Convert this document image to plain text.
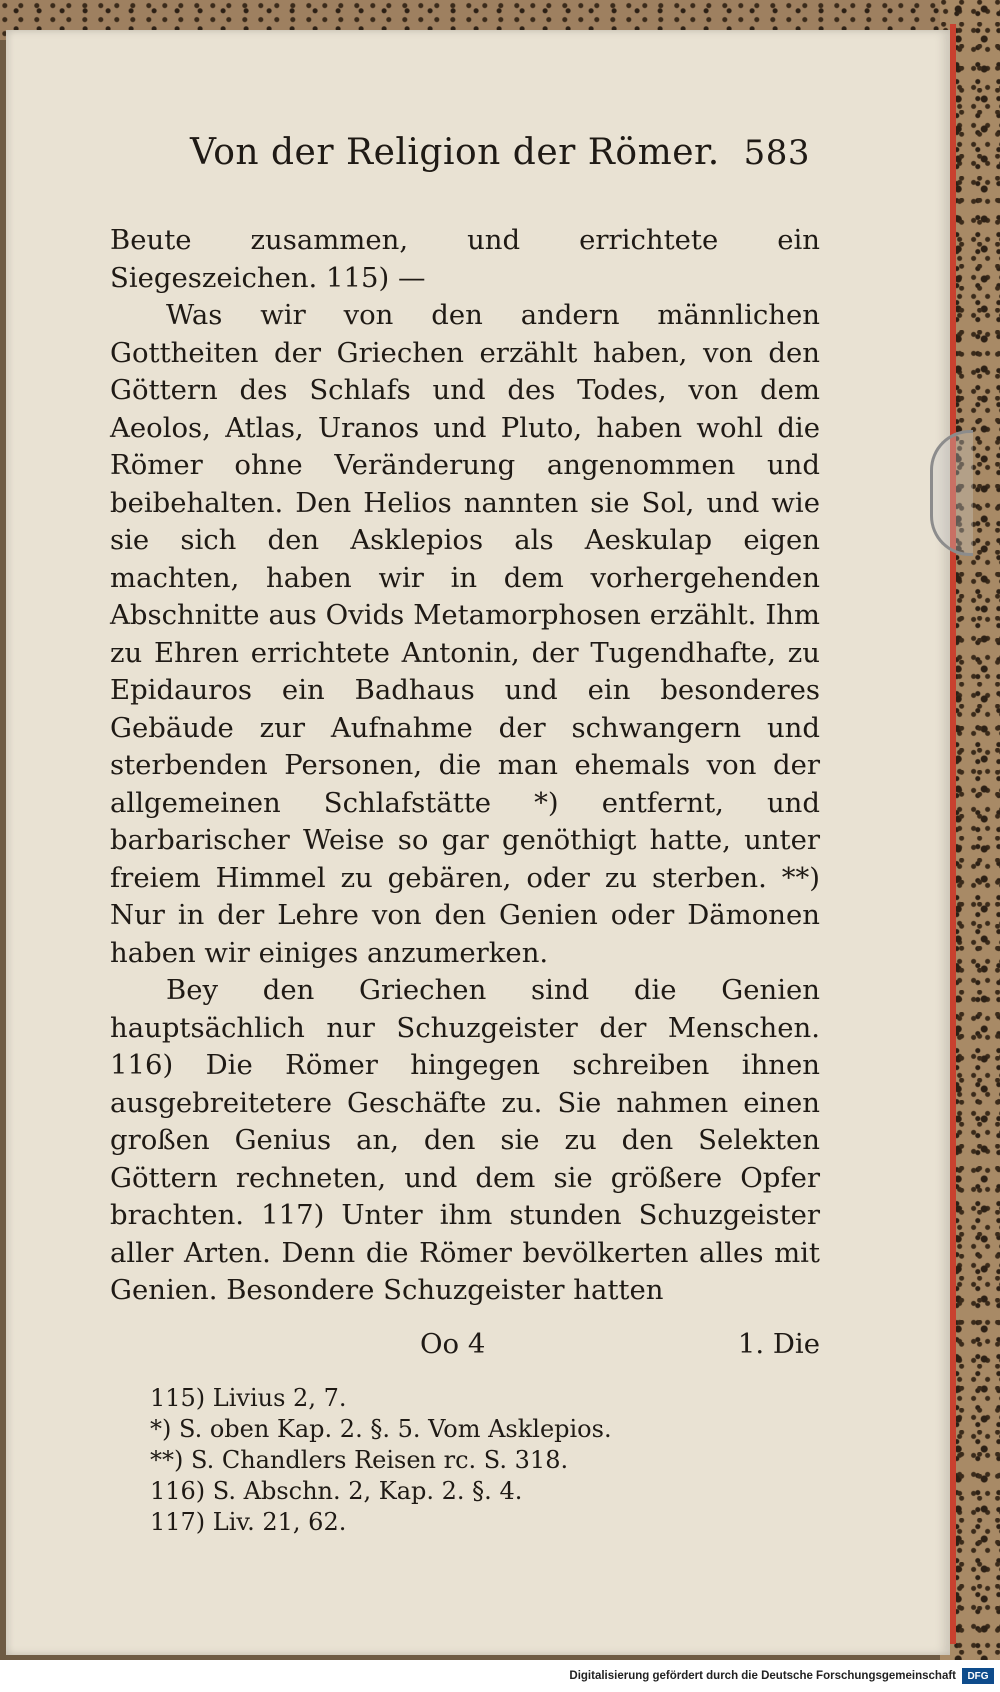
Von der Religion der Römer. 583

Beute zusammen, und errichtete ein Siegeszeichen. 115) —

Was wir von den andern männlichen Gottheiten der Griechen erzählt haben, von den Göttern des Schlafs und des Todes, von dem Aeolos, Atlas, Uranos und Pluto, haben wohl die Römer ohne Veränderung angenommen und beibehalten. Den Helios nannten sie Sol, und wie sie sich den Asklepios als Aeskulap eigen machten, haben wir in dem vorhergehenden Abschnitte aus Ovids Metamorphosen erzählt. Ihm zu Ehren errichtete Antonin, der Tugendhafte, zu Epidauros ein Badhaus und ein besonderes Gebäude zur Aufnahme der schwangern und sterbenden Personen, die man ehemals von der allgemeinen Schlafstätte *) entfernt, und barbarischer Weise so gar genöthigt hatte, unter freiem Himmel zu gebären, oder zu sterben. **) Nur in der Lehre von den Genien oder Dämonen haben wir einiges anzumerken.

Bey den Griechen sind die Genien hauptsächlich nur Schuzgeister der Menschen. 116) Die Römer hingegen schreiben ihnen ausgebreitetere Geschäfte zu. Sie nahmen einen großen Genius an, den sie zu den Selekten Göttern rechneten, und dem sie größere Opfer brachten. 117) Unter ihm stunden Schuzgeister aller Arten. Denn die Römer bevölkerten alles mit Genien. Besondere Schuzgeister hatten

Oo 4	1. Die
115) Livius 2, 7.
*) S. oben Kap. 2. §. 5. Vom Asklepios.
**) S. Chandlers Reisen rc. S. 318.
116) S. Abschn. 2, Kap. 2. §. 4.
117) Liv. 21, 62.
Digitalisierung gefördert durch die Deutsche Forschungsgemeinschaft	DFG
